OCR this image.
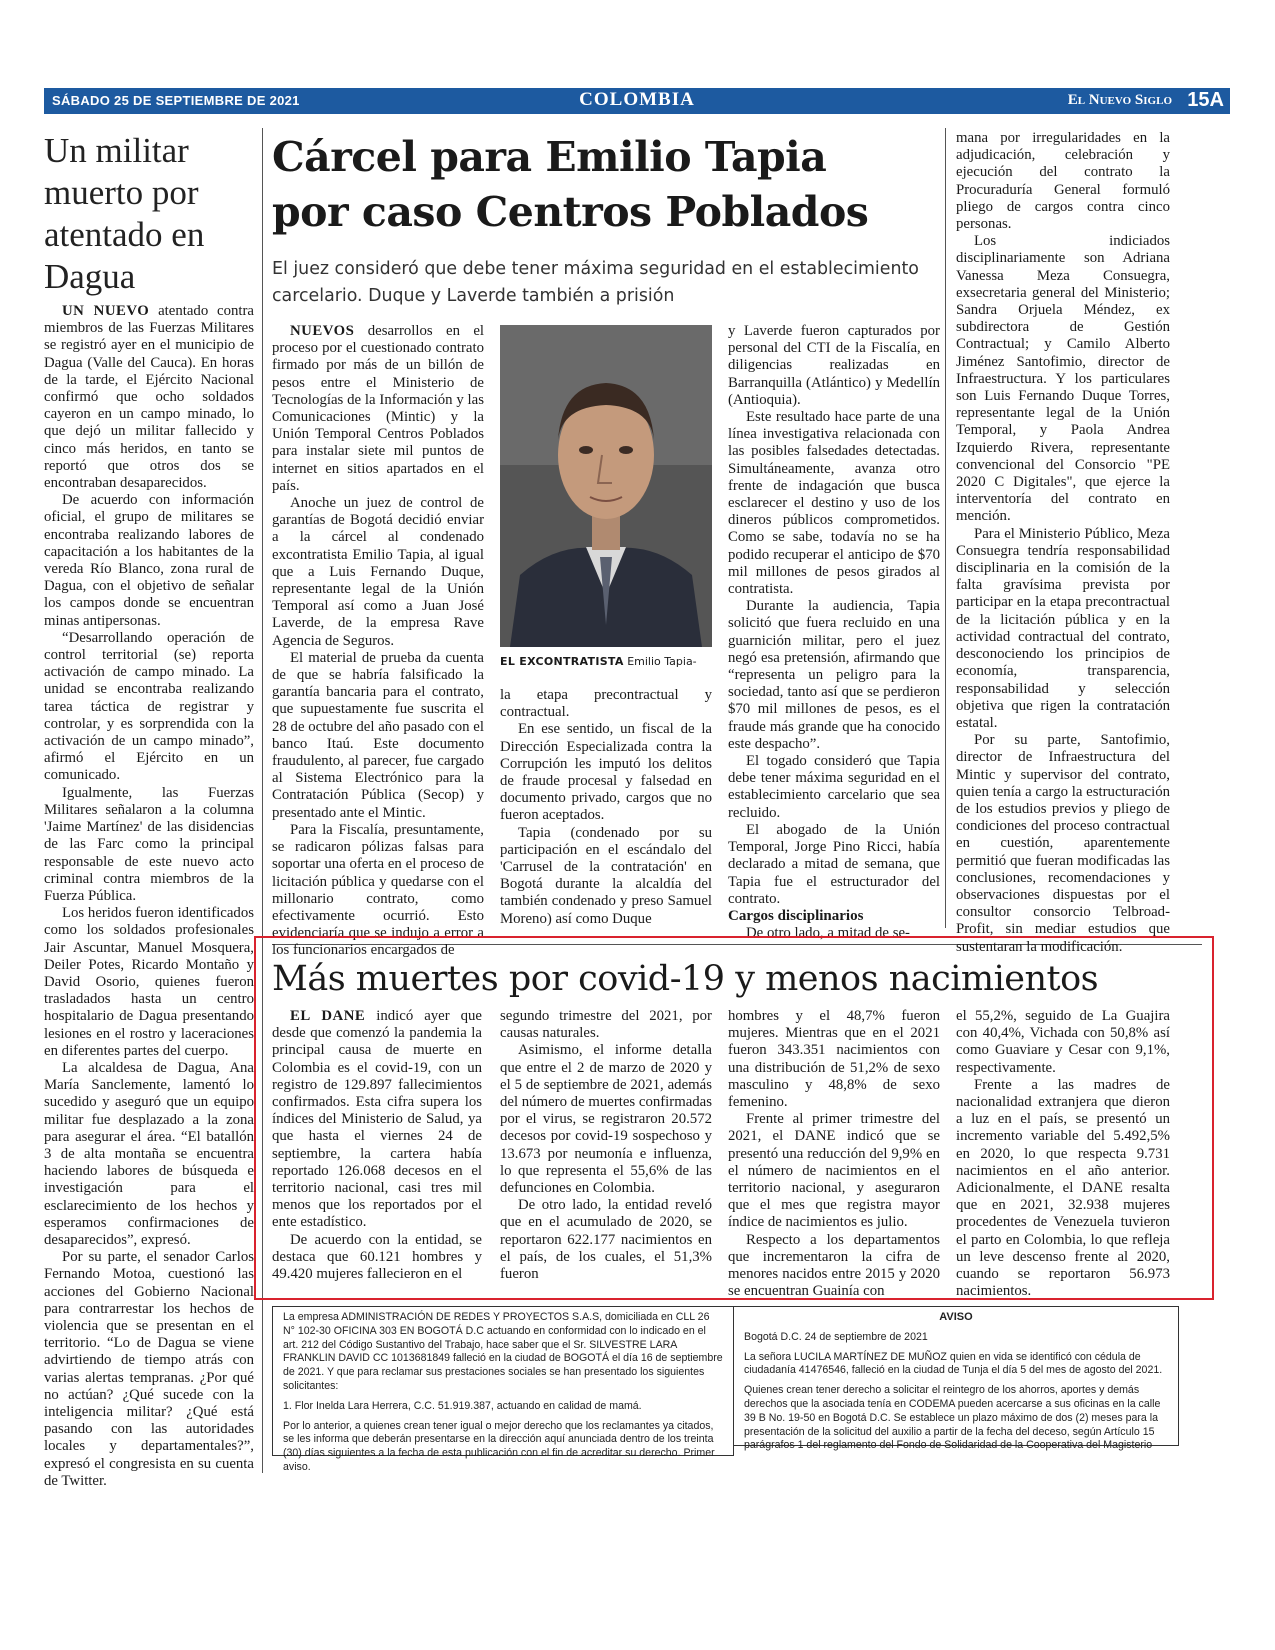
COLOMBIA
SÁBADO 25 DE SEPTIEMBRE DE 2021	El Nuevo Siglo 15A
Un militar muerto por atentado en Dagua

UN NUEVO atentado contra miembros de las Fuerzas Militares se registró ayer en el municipio de Dagua (Valle del Cauca). En horas de la tarde, el Ejército Nacional confirmó que ocho soldados cayeron en un campo minado, lo que dejó un militar fallecido y cinco más heridos, en tanto se reportó que otros dos se encontraban desaparecidos.

De acuerdo con información oficial, el grupo de militares se encontraba realizando labores de capacitación a los habitantes de la vereda Río Blanco, zona rural de Dagua, con el objetivo de señalar los campos donde se encuentran minas antipersonas.

“Desarrollando operación de control territorial (se) reporta activación de campo minado. La unidad se encontraba realizando tarea táctica de registrar y controlar, y es sorprendida con la activación de un campo minado”, afirmó el Ejército en un comunicado.

Igualmente, las Fuerzas Militares señalaron a la columna 'Jaime Martínez' de las disidencias de las Farc como la principal responsable de este nuevo acto criminal contra miembros de la Fuerza Pública.

Los heridos fueron identificados como los soldados profesionales Jair Ascuntar, Manuel Mosquera, Deiler Potes, Ricardo Montaño y David Osorio, quienes fueron trasladados hasta un centro hospitalario de Dagua presentando lesiones en el rostro y laceraciones en diferentes partes del cuerpo.

La alcaldesa de Dagua, Ana María Sanclemente, lamentó lo sucedido y aseguró que un equipo militar fue desplazado a la zona para asegurar el área. “El batallón 3 de alta montaña se encuentra haciendo labores de búsqueda e investigación para el esclarecimiento de los hechos y esperamos confirmaciones de desaparecidos”, expresó.

Por su parte, el senador Carlos Fernando Motoa, cuestionó las acciones del Gobierno Nacional para contrarrestar los hechos de violencia que se presentan en el territorio. “Lo de Dagua se viene advirtiendo de tiempo atrás con varias alertas tempranas. ¿Por qué no actúan? ¿Qué sucede con la inteligencia militar? ¿Qué está pasando con las autoridades locales y departamentales?”, expresó el congresista en su cuenta de Twitter.

Cárcel para Emilio Tapia por caso Centros Poblados
El juez consideró que debe tener máxima seguridad en el establecimiento carcelario. Duque y Laverde también a prisión

NUEVOS desarrollos en el proceso por el cuestionado contrato firmado por más de un billón de pesos entre el Ministerio de Tecnologías de la Información y las Comunicaciones (Mintic) y la Unión Temporal Centros Poblados para instalar siete mil puntos de internet en sitios apartados en el país.

Anoche un juez de control de garantías de Bogotá decidió enviar a la cárcel al condenado excontratista Emilio Tapia, al igual que a Luis Fernando Duque, representante legal de la Unión Temporal así como a Juan José Laverde, de la empresa Rave Agencia de Seguros.

El material de prueba da cuenta de que se habría falsificado la garantía bancaria para el contrato, que supuestamente fue suscrita el 28 de octubre del año pasado con el banco Itaú. Este documento fraudulento, al parecer, fue cargado al Sistema Electrónico para la Contratación Pública (Secop) y presentado ante el Mintic.

Para la Fiscalía, presuntamente, se radicaron pólizas falsas para soportar una oferta en el proceso de licitación pública y quedarse con el millonario contrato, como efectivamente ocurrió. Esto evidenciaría que se indujo a error a los funcionarios encargados de

EL EXCONTRATISTA Emilio Tapia-

la etapa precontractual y contractual.

En ese sentido, un fiscal de la Dirección Especializada contra la Corrupción les imputó los delitos de fraude procesal y falsedad en documento privado, cargos que no fueron aceptados.

Tapia (condenado por su participación en el escándalo del 'Carrusel de la contratación' en Bogotá durante la alcaldía del también condenado y preso Samuel Moreno) así como Duque

y Laverde fueron capturados por personal del CTI de la Fiscalía, en diligencias realizadas en Barranquilla (Atlántico) y Medellín (Antioquia).

Este resultado hace parte de una línea investigativa relacionada con las posibles falsedades detectadas. Simultáneamente, avanza otro frente de indagación que busca esclarecer el destino y uso de los dineros públicos comprometidos. Como se sabe, todavía no se ha podido recuperar el anticipo de $70 mil millones de pesos girados al contratista.

Durante la audiencia, Tapia solicitó que fuera recluido en una guarnición militar, pero el juez negó esa pretensión, afirmando que “representa un peligro para la sociedad, tanto así que se perdieron $70 mil millones de pesos, es el fraude más grande que ha conocido este despacho”.

El togado consideró que Tapia debe tener máxima seguridad en el establecimiento carcelario que sea recluido.

El abogado de la Unión Temporal, Jorge Pino Ricci, había declarado a mitad de semana, que Tapia fue el estructurador del contrato.

Cargos disciplinarios

De otro lado, a mitad de se-

mana por irregularidades en la adjudicación, celebración y ejecución del contrato la Procuraduría General formuló pliego de cargos contra cinco personas.

Los indiciados disciplinariamente son Adriana Vanessa Meza Consuegra, exsecretaria general del Ministerio; Sandra Orjuela Méndez, ex subdirectora de Gestión Contractual; y Camilo Alberto Jiménez Santofimio, director de Infraestructura. Y los particulares son Luis Fernando Duque Torres, representante legal de la Unión Temporal, y Paola Andrea Izquierdo Rivera, representante convencional del Consorcio "PE 2020 C Digitales", que ejerce la interventoría del contrato en mención.

Para el Ministerio Público, Meza Consuegra tendría responsabilidad disciplinaria en la comisión de la falta gravísima prevista por participar en la etapa precontractual de la licitación pública y en la actividad contractual del contrato, desconociendo los principios de economía, transparencia, responsabilidad y selección objetiva que rigen la contratación estatal.

Por su parte, Santofimio, director de Infraestructura del Mintic y supervisor del contrato, quien tenía a cargo la estructuración de los estudios previos y pliego de condiciones del proceso contractual en cuestión, aparentemente permitió que fueran modificadas las conclusiones, recomendaciones y observaciones dispuestas por el consultor consorcio Telbroad-Profit, sin mediar estudios que sustentaran la modificación.

Más muertes por covid-19 y menos nacimientos

EL DANE indicó ayer que desde que comenzó la pandemia la principal causa de muerte en Colombia es el covid-19, con un registro de 129.897 fallecimientos confirmados. Esta cifra supera los índices del Ministerio de Salud, ya que hasta el viernes 24 de septiembre, la cartera había reportado 126.068 decesos en el territorio nacional, casi tres mil menos que los reportados por el ente estadístico.

De acuerdo con la entidad, se destaca que 60.121 hombres y 49.420 mujeres fallecieron en el

segundo trimestre del 2021, por causas naturales.

Asimismo, el informe detalla que entre el 2 de marzo de 2020 y el 5 de septiembre de 2021, además del número de muertes confirmadas por el virus, se registraron 20.572 decesos por covid-19 sospechoso y 13.673 por neumonía e influenza, lo que representa el 55,6% de las defunciones en Colombia.

De otro lado, la entidad reveló que en el acumulado de 2020, se reportaron 622.177 nacimientos en el país, de los cuales, el 51,3% fueron

hombres y el 48,7% fueron mujeres. Mientras que en el 2021 fueron 343.351 nacimientos con una distribución de 51,2% de sexo masculino y 48,8% de sexo femenino.

Frente al primer trimestre del 2021, el DANE indicó que se presentó una reducción del 9,9% en el número de nacimientos en el territorio nacional, y aseguraron que el mes que registra mayor índice de nacimientos es julio.

Respecto a los departamentos que incrementaron la cifra de menores nacidos entre 2015 y 2020 se encuentran Guainía con

el 55,2%, seguido de La Guajira con 40,4%, Vichada con 50,8% así como Guaviare y Cesar con 9,1%, respectivamente.

Frente a las madres de nacionalidad extranjera que dieron a luz en el país, se presentó un incremento variable del 5.492,5% en 2020, lo que respecta 9.731 nacimientos en el año anterior. Adicionalmente, el DANE resalta que en 2021, 32.938 mujeres procedentes de Venezuela tuvieron el parto en Colombia, lo que refleja un leve descenso frente al 2020, cuando se reportaron 56.973 nacimientos.

La empresa ADMINISTRACIÓN DE REDES Y PROYECTOS S.A.S, domiciliada en CLL 26 N° 102-30 OFICINA 303 EN BOGOTÁ D.C actuando en conformidad con lo indicado en el art. 212 del Código Sustantivo del Trabajo, hace saber que el Sr. SILVESTRE LARA FRANKLIN DAVID CC 1013681849 falleció en la ciudad de BOGOTÁ el día 16 de septiembre de 2021. Y que para reclamar sus prestaciones sociales se han presentado los siguientes solicitantes:

1. Flor Inelda Lara Herrera, C.C. 51.919.387, actuando en calidad de mamá.

Por lo anterior, a quienes crean tener igual o mejor derecho que los reclamantes ya citados, se les informa que deberán presentarse en la dirección aquí anunciada dentro de los treinta (30) días siguientes a la fecha de esta publicación con el fin de acreditar su derecho. Primer aviso.

AVISO

Bogotá D.C. 24 de septiembre de 2021

La señora LUCILA MARTÍNEZ DE MUÑOZ quien en vida se identificó con cédula de ciudadanía 41476546, falleció en la ciudad de Tunja el día 5 del mes de agosto del 2021.

Quienes crean tener derecho a solicitar el reintegro de los ahorros, aportes y demás derechos que la asociada tenía en CODEMA pueden acercarse a sus oficinas en la calle 39 B No. 19-50 en Bogotá D.C. Se establece un plazo máximo de dos (2) meses para la presentación de la solicitud del auxilio a partir de la fecha del deceso, según Artículo 15 parágrafos 1 del reglamento del Fondo de Solidaridad de la Cooperativa del Magisterio
